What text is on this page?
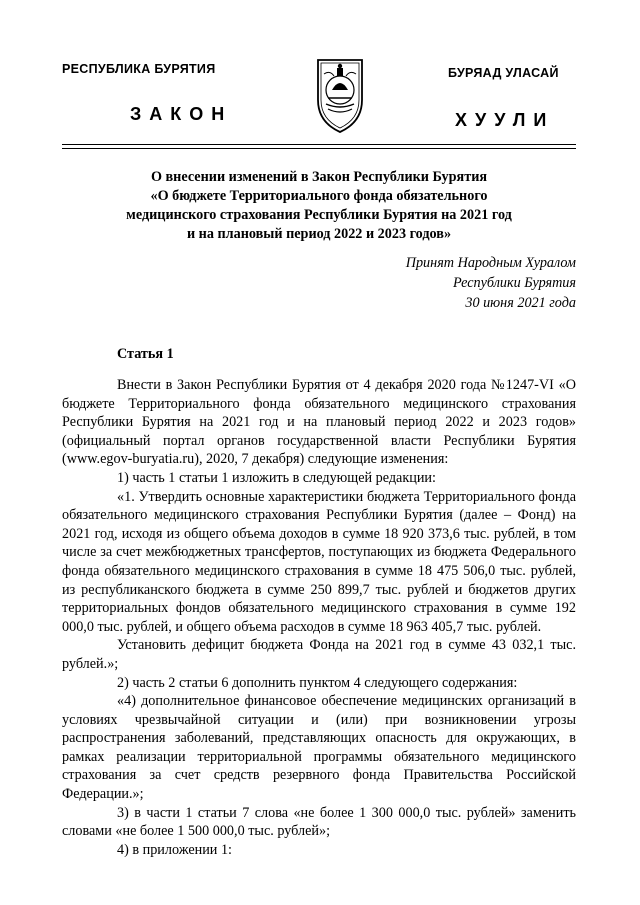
РЕСПУБЛИКА БУРЯТИЯ	БУРЯАД УЛАСАЙ
ЗАКОН	ХУУЛИ
О внесении изменений в Закон Республики Бурятия
«О бюджете Территориального фонда обязательного
медицинского страхования Республики Бурятия на 2021 год
и на плановый период 2022 и 2023 годов»
Принят Народным Хуралом
Республики Бурятия
30 июня 2021 года
Статья 1

Внести в Закон Республики Бурятия от 4 декабря 2020 года №1247-VI «О бюджете Территориального фонда обязательного медицинского страхования Республики Бурятия на 2021 год и на плановый период 2022 и 2023 годов» (официальный портал органов государственной власти Республики Бурятия (www.egov-buryatia.ru), 2020, 7 декабря) следующие изменения:

1) часть 1 статьи 1 изложить в следующей редакции:

«1. Утвердить основные характеристики бюджета Территориального фонда обязательного медицинского страхования Республики Бурятия (далее – Фонд) на 2021 год, исходя из общего объема доходов в сумме 18 920 373,6 тыс. рублей, в том числе за счет межбюджетных трансфертов, поступающих из бюджета Федерального фонда обязательного медицинского страхования в сумме 18 475 506,0 тыс. рублей, из республиканского бюджета в сумме 250 899,7 тыс. рублей и бюджетов других территориальных фондов обязательного медицинского страхования в сумме 192 000,0 тыс. рублей, и общего объема расходов в сумме 18 963 405,7 тыс. рублей.

Установить дефицит бюджета Фонда на 2021 год в сумме 43 032,1 тыс. рублей.»;

2) часть 2 статьи 6 дополнить пунктом 4 следующего содержания:

«4) дополнительное финансовое обеспечение медицинских организаций в условиях чрезвычайной ситуации и (или) при возникновении угрозы распространения заболеваний, представляющих опасность для окружающих, в рамках реализации территориальной программы обязательного медицинского страхования за счет средств резервного фонда Правительства Российской Федерации.»;

3) в части 1 статьи 7 слова «не более 1 300 000,0 тыс. рублей» заменить словами «не более 1 500 000,0 тыс. рублей»;

4) в приложении 1:
